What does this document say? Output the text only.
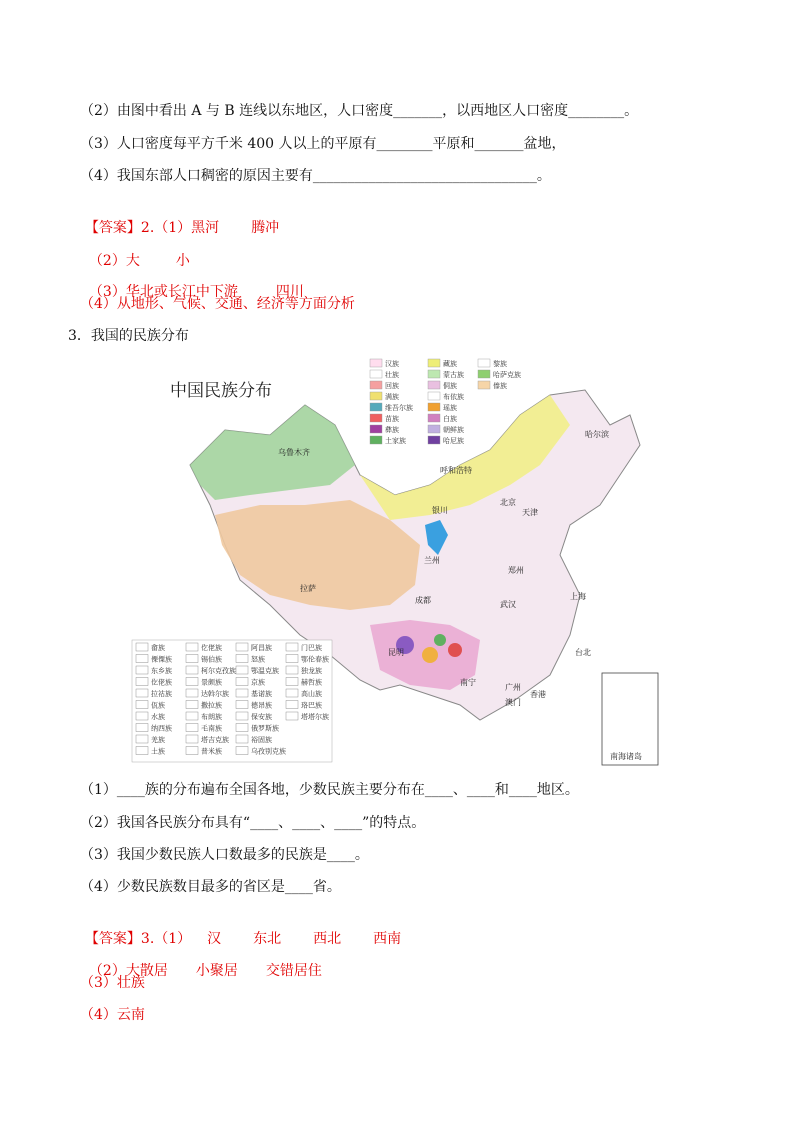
（2）由图中看出 A 与 B 连线以东地区，人口密度_______，以西地区人口密度________。
（3）人口密度每平方千米 400 人以上的平原有________平原和_______盆地，
（4）我国东部人口稠密的原因主要有________________________________。

【答案】2.（1）黑河 腾冲

（2）大	小

（3）华北或长江中下游	四川

（4）从地形、气候、交通、经济等方面分析
3．我国的民族分布
中国民族分布
汉族	藏族	黎族
壮族	蒙古族	哈萨克族
回族	侗族	傣族
满族	布依族
维吾尔族	瑶族
苗族	白族
彝族	朝鲜族
土家族	哈尼族
畲族	仡佬族	阿昌族	门巴族
傈僳族	锡伯族	怒族	鄂伦春族
东乡族	柯尔克孜族 鄂温克族	独龙族
仡佬族	景颇族	京族	赫哲族
拉祜族	达斡尔族	基诺族	高山族
佤族	撒拉族	德昂族	珞巴族
水族	布朗族	保安族	塔塔尔族
纳西族	毛南族	俄罗斯族
羌族	塔吉克族	裕固族
土族	普米族	乌孜别克族
乌鲁木齐
哈尔滨
呼和浩特
银川
北京
天津
兰州
郑州
拉萨
成都	武汉
上海
昆明
南宁
广州
香港
澳门
台北
南海诸岛
（1）____族的分布遍布全国各地，少数民族主要分布在____、____和____地区。
（2）我国各民族分布具有“____、____、____”的特点。
（3）我国少数民族人口数最多的民族是____。
（4）少数民族数目最多的省区是____省。

【答案】3.（1） 汉 东北 西北 西南

（2）大散居 小聚居 交错居住

（3）壮族
（4）云南
